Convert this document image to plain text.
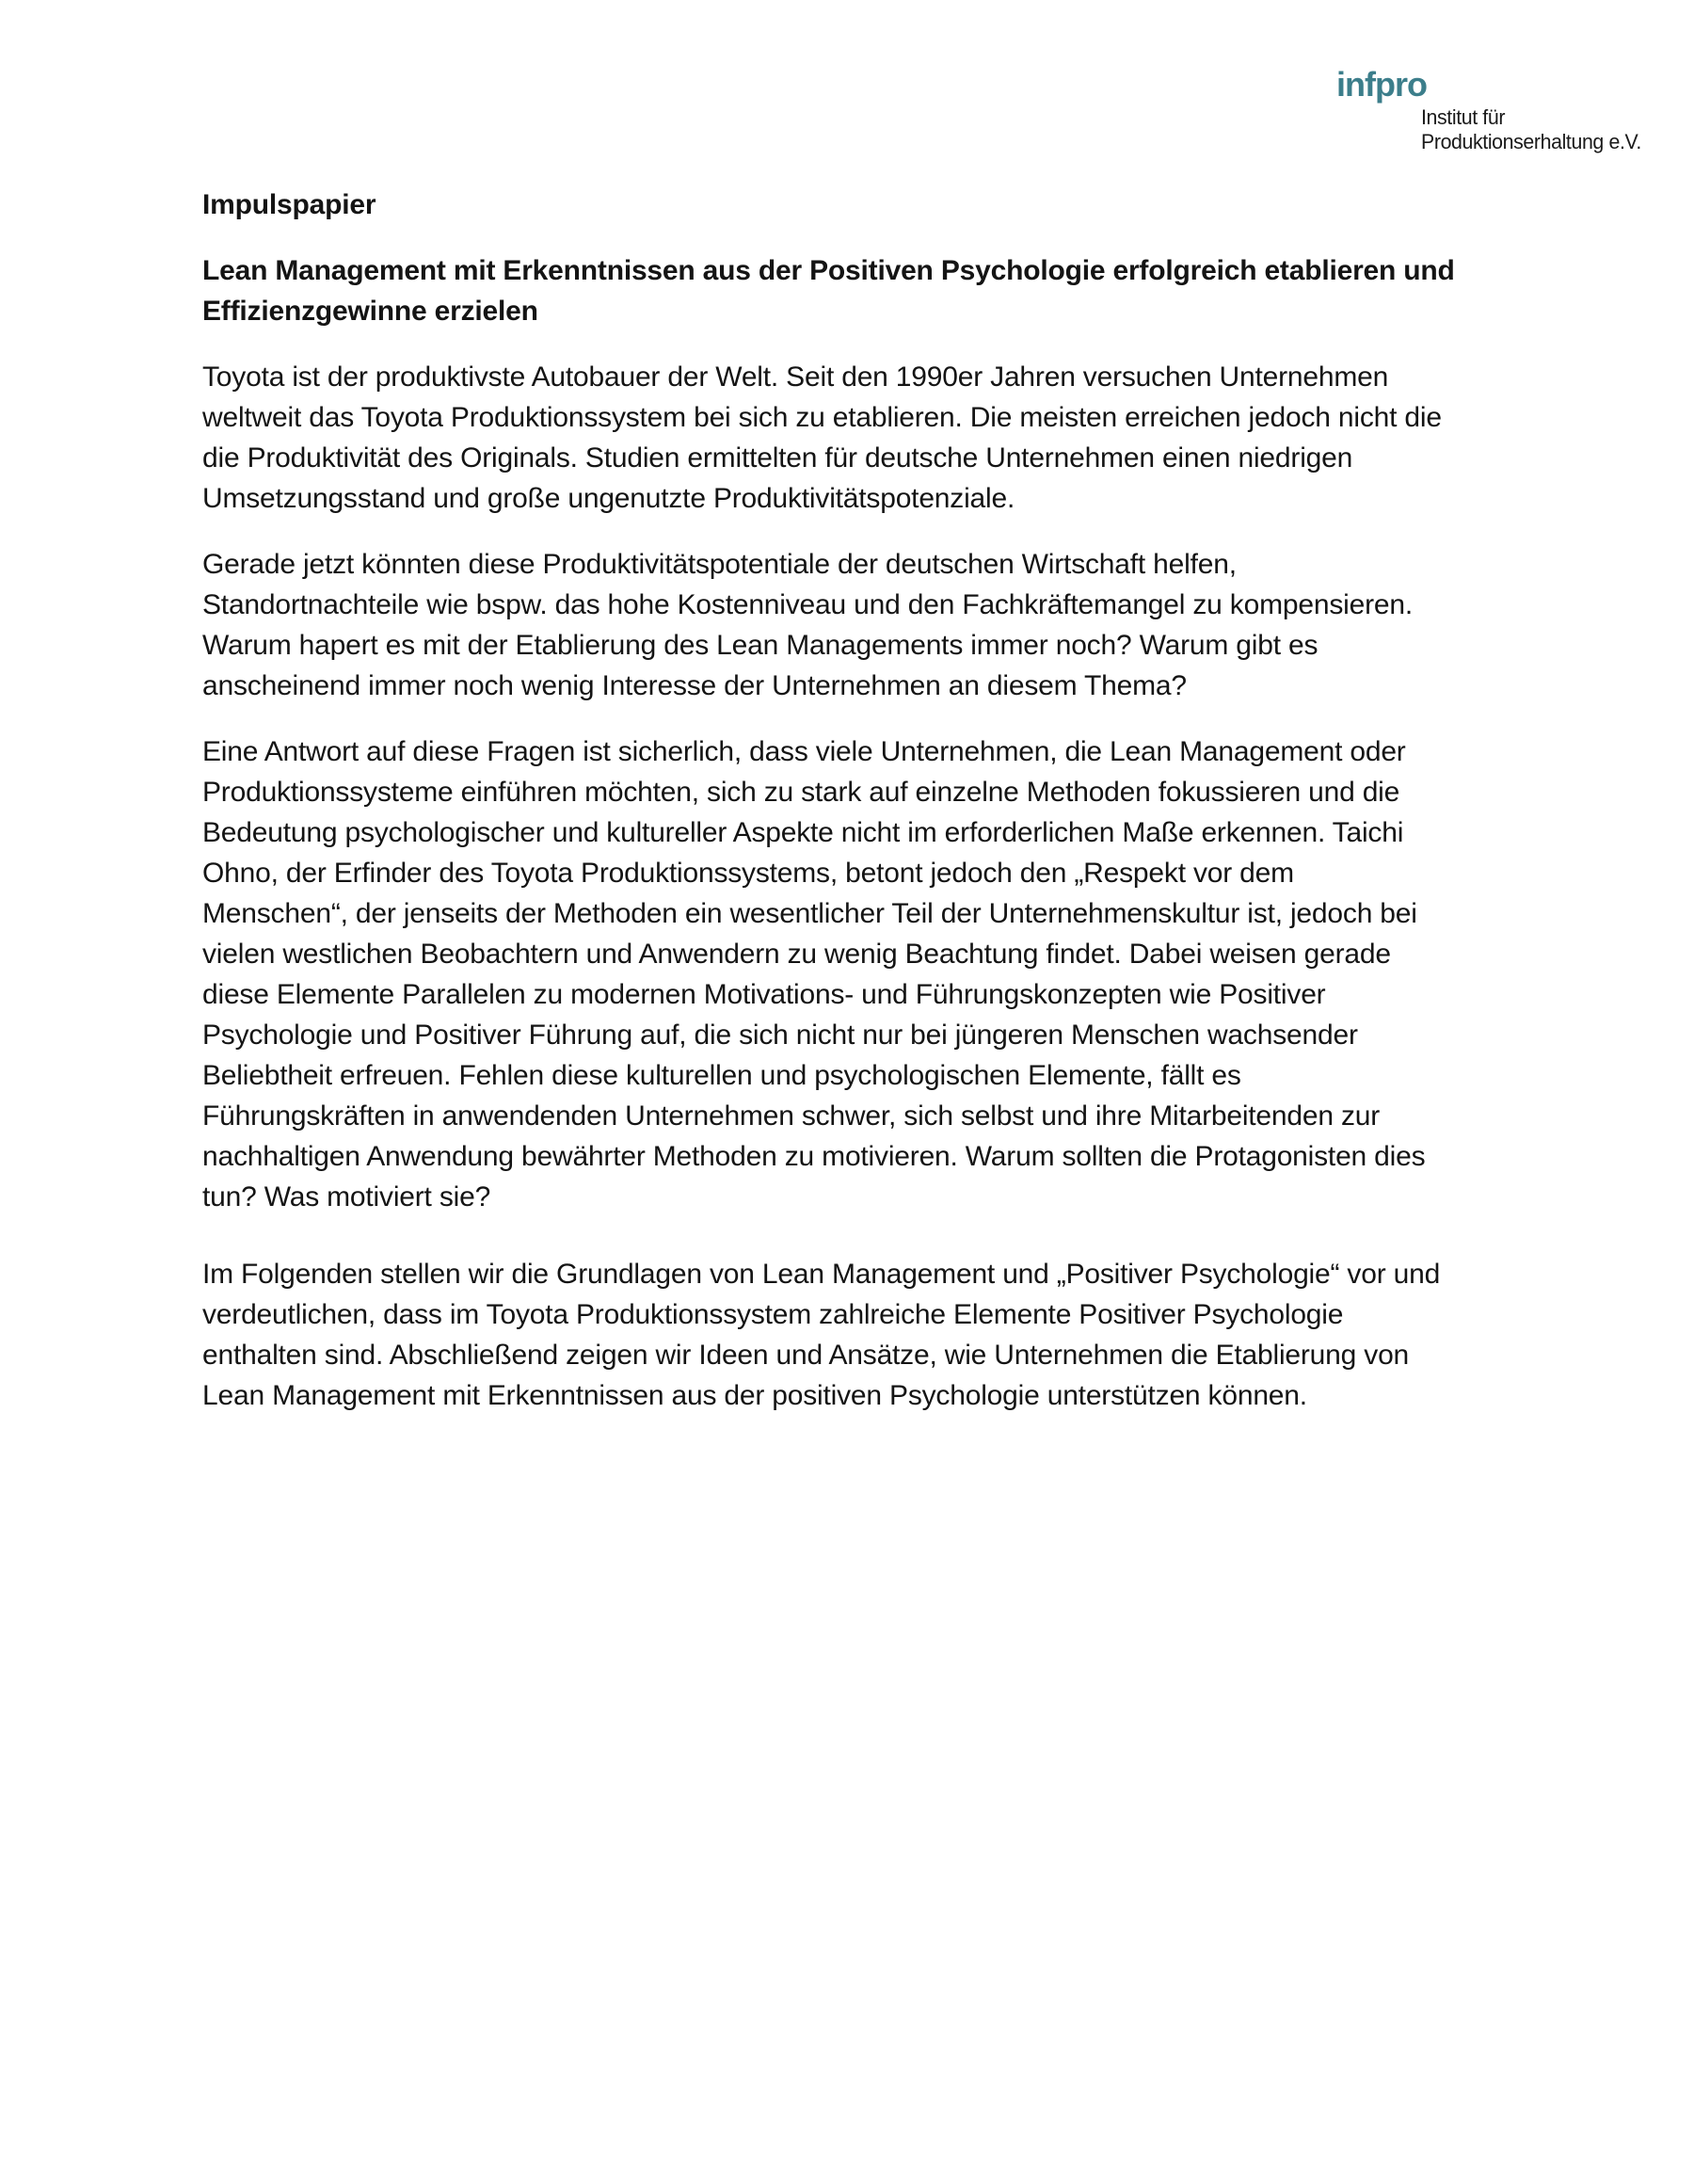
infpro
Institut für
Produktionserhaltung e.V.
Impulspapier
Lean Management mit Erkenntnissen aus der Positiven Psychologie erfolgreich etablieren und
Effizienzgewinne erzielen

Toyota ist der produktivste Autobauer der Welt. Seit den 1990er Jahren versuchen Unternehmen
weltweit das Toyota Produktionssystem bei sich zu etablieren. Die meisten erreichen jedoch nicht die
die Produktivität des Originals. Studien ermittelten für deutsche Unternehmen einen niedrigen
Umsetzungsstand und große ungenutzte Produktivitätspotenziale.

Gerade jetzt könnten diese Produktivitätspotentiale der deutschen Wirtschaft helfen,
Standortnachteile wie bspw. das hohe Kostenniveau und den Fachkräftemangel zu kompensieren.
Warum hapert es mit der Etablierung des Lean Managements immer noch? Warum gibt es
anscheinend immer noch wenig Interesse der Unternehmen an diesem Thema?

Eine Antwort auf diese Fragen ist sicherlich, dass viele Unternehmen, die Lean Management oder
Produktionssysteme einführen möchten, sich zu stark auf einzelne Methoden fokussieren und die
Bedeutung psychologischer und kultureller Aspekte nicht im erforderlichen Maße erkennen. Taichi
Ohno, der Erfinder des Toyota Produktionssystems, betont jedoch den „Respekt vor dem
Menschen“, der jenseits der Methoden ein wesentlicher Teil der Unternehmenskultur ist, jedoch bei
vielen westlichen Beobachtern und Anwendern zu wenig Beachtung findet. Dabei weisen gerade
diese Elemente Parallelen zu modernen Motivations- und Führungskonzepten wie Positiver
Psychologie und Positiver Führung auf, die sich nicht nur bei jüngeren Menschen wachsender
Beliebtheit erfreuen. Fehlen diese kulturellen und psychologischen Elemente, fällt es
Führungskräften in anwendenden Unternehmen schwer, sich selbst und ihre Mitarbeitenden zur
nachhaltigen Anwendung bewährter Methoden zu motivieren. Warum sollten die Protagonisten dies
tun? Was motiviert sie?

Im Folgenden stellen wir die Grundlagen von Lean Management und „Positiver Psychologie“ vor und
verdeutlichen, dass im Toyota Produktionssystem zahlreiche Elemente Positiver Psychologie
enthalten sind. Abschließend zeigen wir Ideen und Ansätze, wie Unternehmen die Etablierung von
Lean Management mit Erkenntnissen aus der positiven Psychologie unterstützen können.
